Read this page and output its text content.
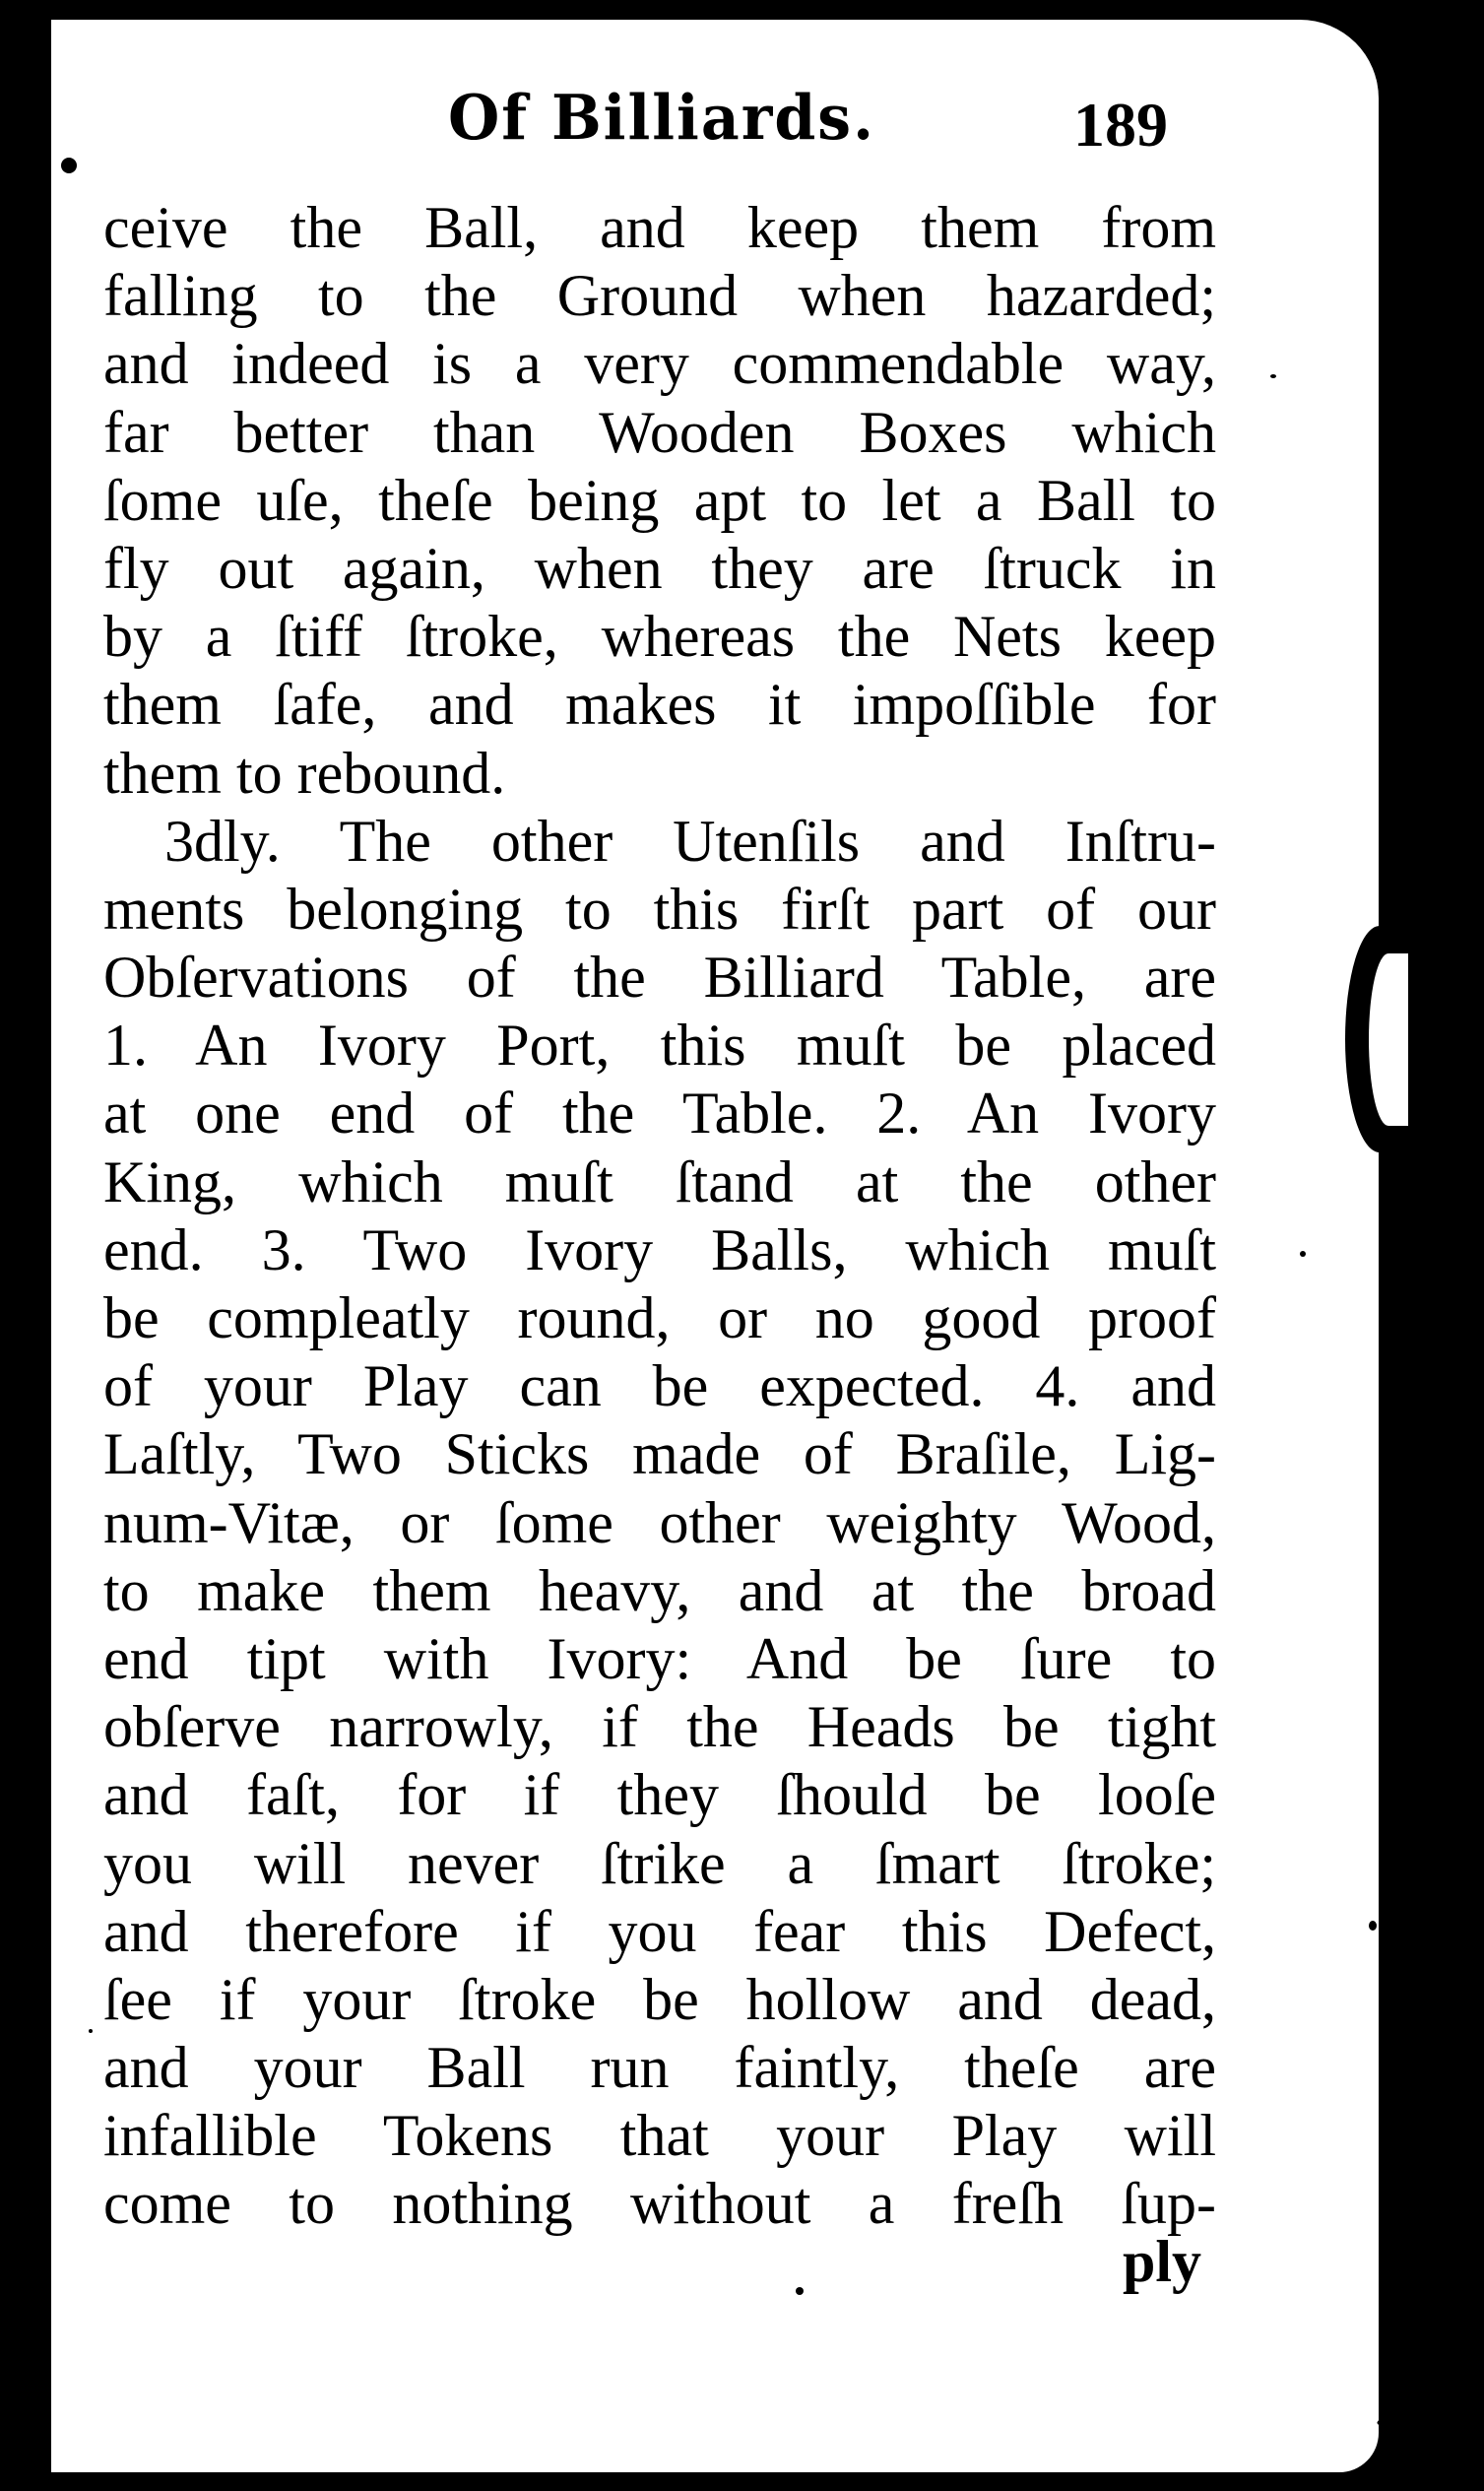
Of Billiards.	189
ceive the Ball, and keep them from
falling to the Ground when hazarded;
and indeed is a very commendable way,
far better than Wooden Boxes which
ſome uſe, theſe being apt to let a Ball to
fly out again, when they are ſtruck in
by a ſtiff ſtroke, whereas the Nets keep
them ſafe, and makes it impoſſible for
them to rebound.
3dly. The other Utenſils and Inſtru-
ments belonging to this firſt part of our
Obſervations of the Billiard Table, are
1. An Ivory Port, this muſt be placed
at one end of the Table. 2. An Ivory
King, which muſt ſtand at the other
end. 3. Two Ivory Balls, which muſt
be compleatly round, or no good proof
of your Play can be expected. 4. and
Laſtly, Two Sticks made of Braſile, Lig-
num-Vitæ, or ſome other weighty Wood,
to make them heavy, and at the broad
end tipt with Ivory: And be ſure to
obſerve narrowly, if the Heads be tight
and faſt, for if they ſhould be looſe
you will never ſtrike a ſmart ſtroke;
and therefore if you fear this Defect,
ſee if your ſtroke be hollow and dead,
and your Ball run faintly, theſe are
infallible Tokens that your Play will
come to nothing without a freſh ſup-
ply
